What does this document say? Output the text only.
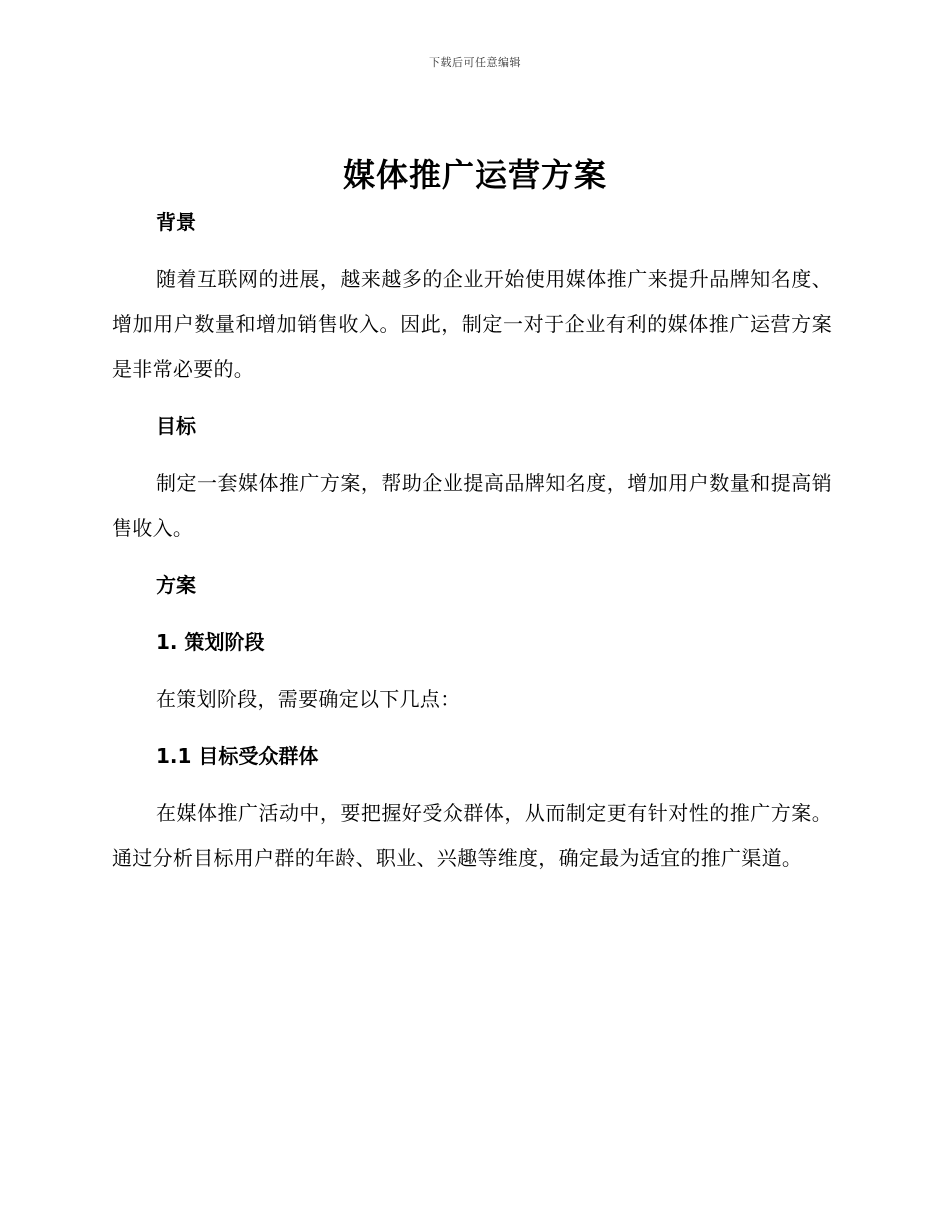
下载后可任意编辑
媒体推广运营方案
背景

随着互联网的进展，越来越多的企业开始使用媒体推广来提升品牌知名度、增加用户数量和增加销售收入。因此，制定一对于企业有利的媒体推广运营方案是非常必要的。

目标

制定一套媒体推广方案，帮助企业提高品牌知名度，增加用户数量和提高销售收入。

方案
1. 策划阶段

在策划阶段，需要确定以下几点：

1.1 目标受众群体

在媒体推广活动中，要把握好受众群体，从而制定更有针对性的推广方案。通过分析目标用户群的年龄、职业、兴趣等维度，确定最为适宜的推广渠道。
